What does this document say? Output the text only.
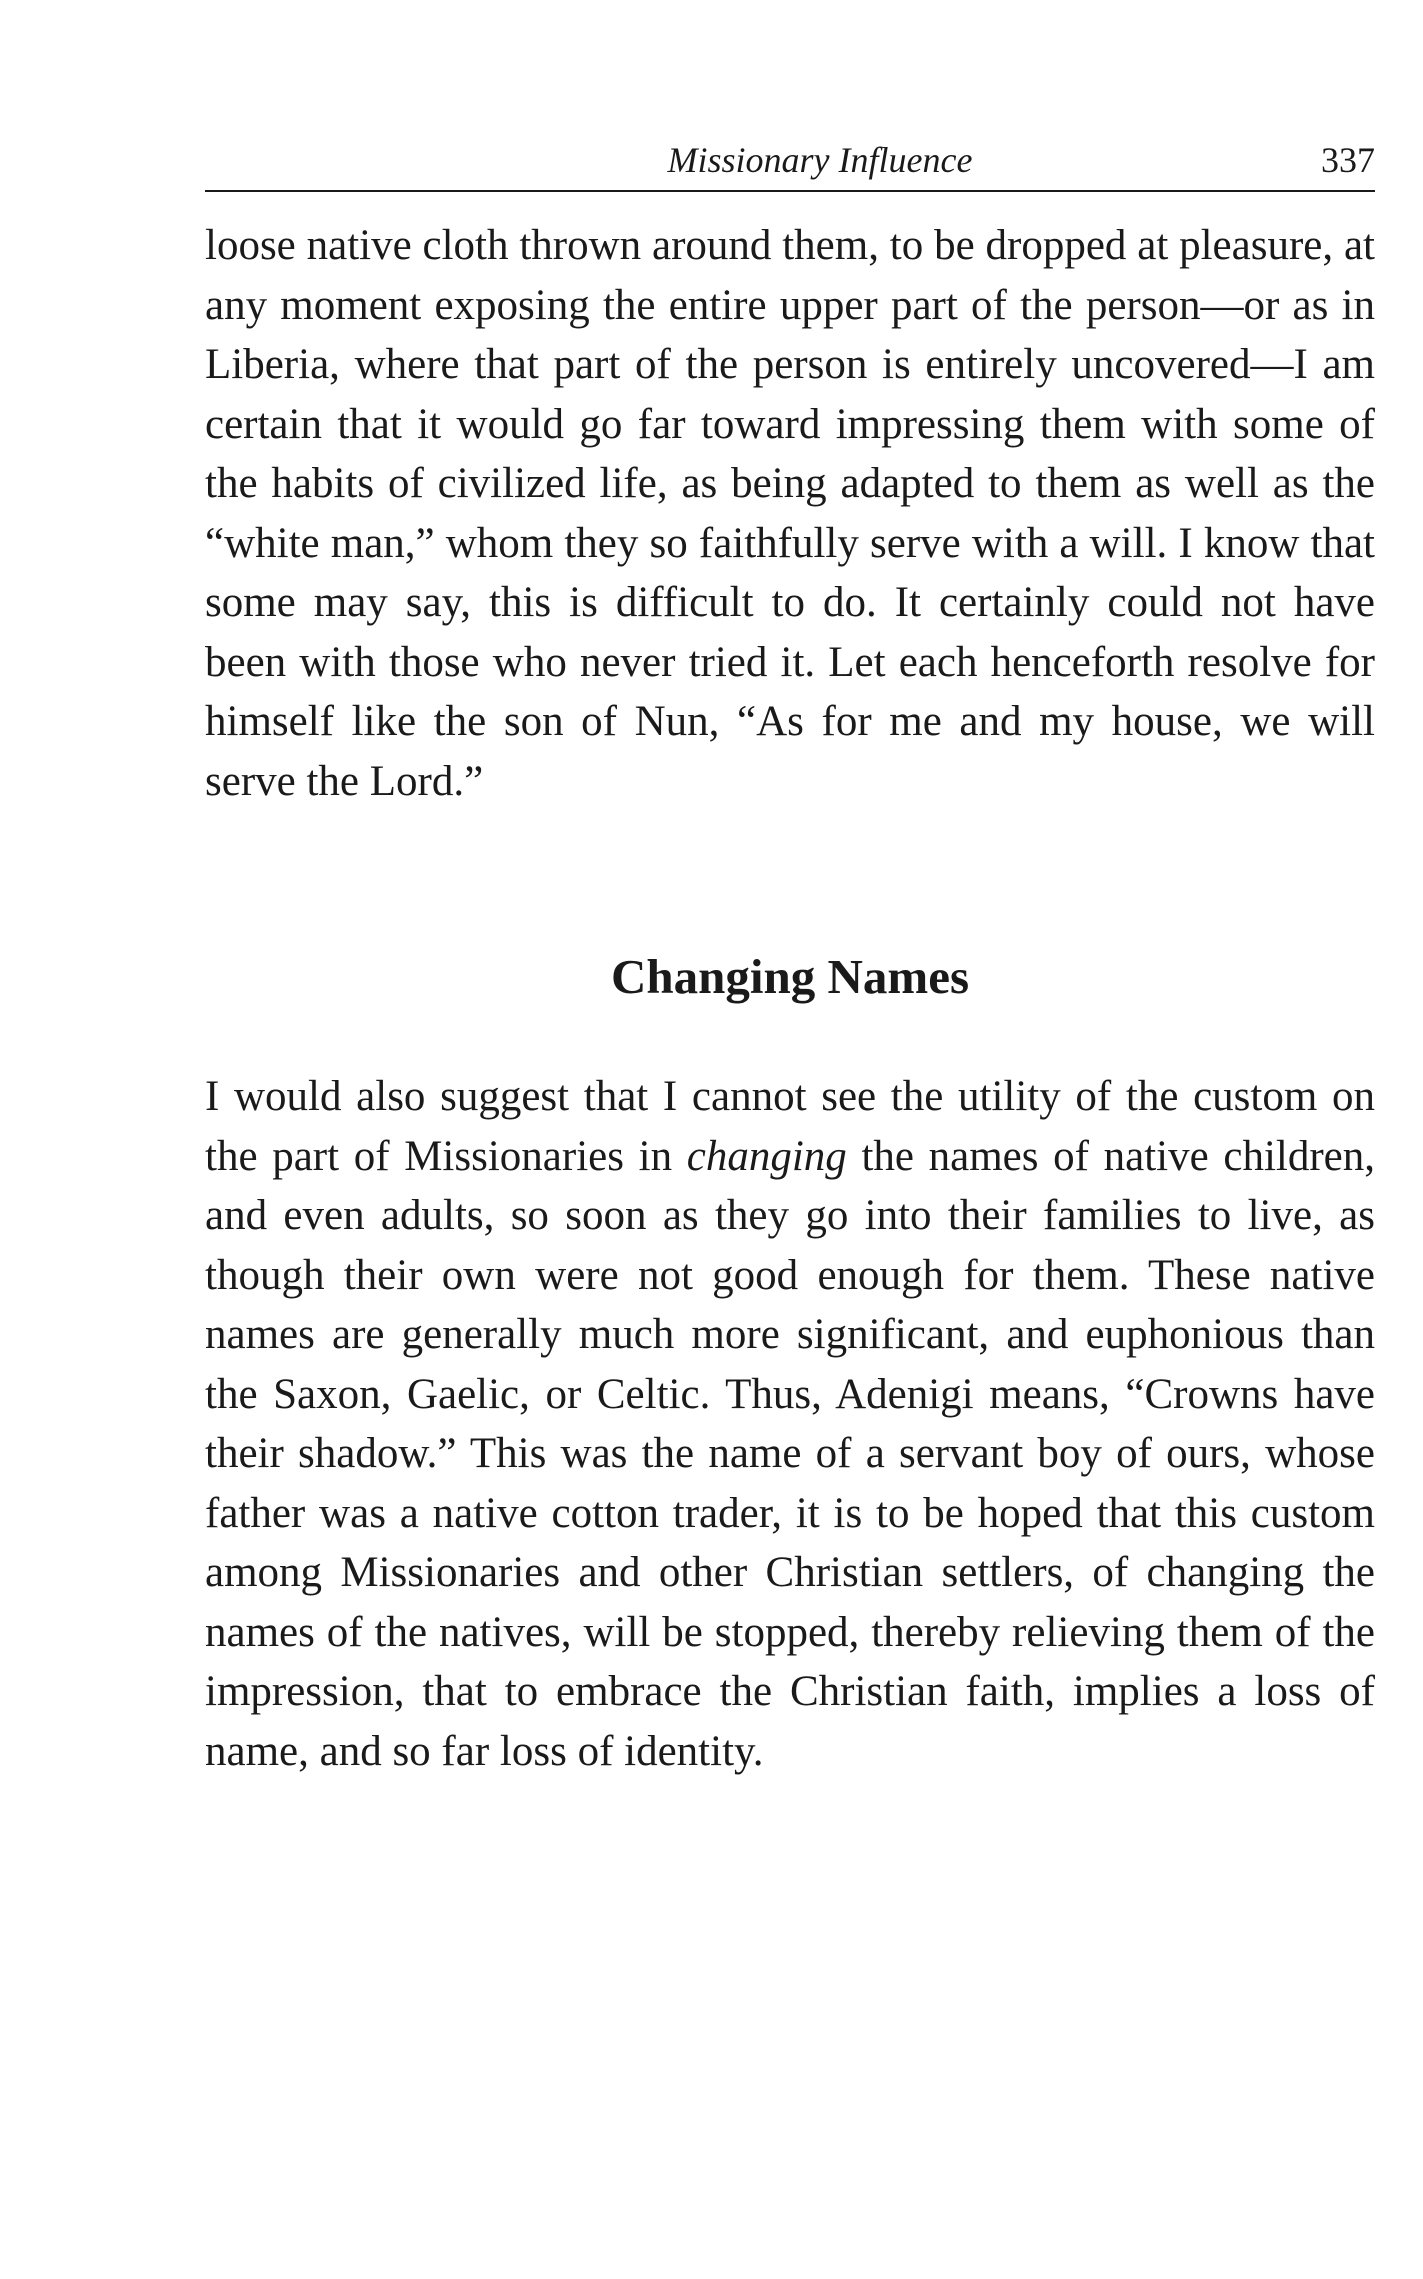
Missionary Influence	337

loose native cloth thrown around them, to be dropped at pleasure, at any moment exposing the entire upper part of the person—or as in Liberia, where that part of the person is entirely uncovered—I am certain that it would go far toward impressing them with some of the habits of civilized life, as being adapted to them as well as the “white man,” whom they so faithfully serve with a will. I know that some may say, this is difficult to do. It certainly could not have been with those who never tried it. Let each henceforth resolve for himself like the son of Nun, “As for me and my house, we will serve the Lord.”

Changing Names

I would also suggest that I cannot see the utility of the custom on the part of Missionaries in changing the names of native children, and even adults, so soon as they go into their families to live, as though their own were not good enough for them. These native names are generally much more significant, and euphonious than the Saxon, Gaelic, or Celtic. Thus, Adenigi means, “Crowns have their shadow.” This was the name of a servant boy of ours, whose father was a native cotton trader, it is to be hoped that this custom among Missionaries and other Christian settlers, of changing the names of the natives, will be stopped, thereby relieving them of the impression, that to embrace the Christian faith, implies a loss of name, and so far loss of identity.
